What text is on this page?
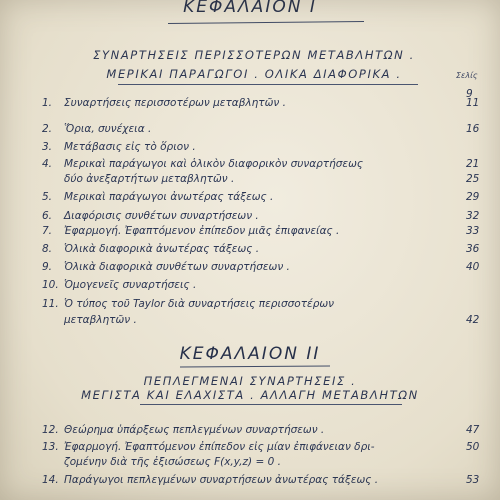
ΚΕΦΑΛΑΙΟΝ Ι
ΣΥΝΑΡΤΗΣΕΙΣ ΠΕΡΙΣΣΟΤΕΡΩΝ ΜΕΤΑΒΛΗΤΩΝ .
ΜΕΡΙΚΑΙ ΠΑΡΑΓΩΓΟΙ . ΟΛΙΚΑ ΔΙΑΦΟΡΙΚΑ .	Σελίς
9
1.	Συναρτήσεις περισσοτέρων μεταβλητῶν .	11
2.	Ὅρια, συνέχεια .	16
3.	Μετάβασις εἰς τὸ ὅριον .
4.	Μερικαὶ παράγωγοι καὶ ὁλικὸν διαφορικὸν συναρτήσεως	21
δύο ἀνεξαρτήτων μεταβλητῶν .	25
5.	Μερικαὶ παράγωγοι ἀνωτέρας τάξεως .	29
6.	Διαφόρισις συνθέτων συναρτήσεων .	32
7.	Ἐφαρμογή. Ἐφαπτόμενον ἐπίπεδον μιᾶς ἐπιφανείας .	33
8.	Ὁλικὰ διαφορικὰ ἀνωτέρας τάξεως .	36
9.	Ὁλικὰ διαφορικὰ συνθέτων συναρτήσεων .	40
10. Ὁμογενεῖς συναρτήσεις .
11. Ὁ τύπος τοῦ Taylor διὰ συναρτήσεις περισσοτέρων
μεταβλητῶν .	42
ΚΕΦΑΛΑΙΟΝ ΙΙ
ΠΕΠΛΕΓΜΕΝΑΙ ΣΥΝΑΡΤΗΣΕΙΣ .
ΜΕΓΙΣΤΑ ΚΑΙ ΕΛΑΧΙΣΤΑ . ΑΛΛΑΓΗ ΜΕΤΑΒΛΗΤΩΝ
12. Θεώρημα ὑπάρξεως πεπλεγμένων συναρτήσεων .	47
13. Ἐφαρμογή. Ἐφαπτόμενον ἐπίπεδον εἰς μίαν ἐπιφάνειαν δρι-	50
ζομένην διὰ τῆς ἐξισώσεως F(x,y,z) = 0 .
14. Παράγωγοι πεπλεγμένων συναρτήσεων ἀνωτέρας τάξεως .	53
